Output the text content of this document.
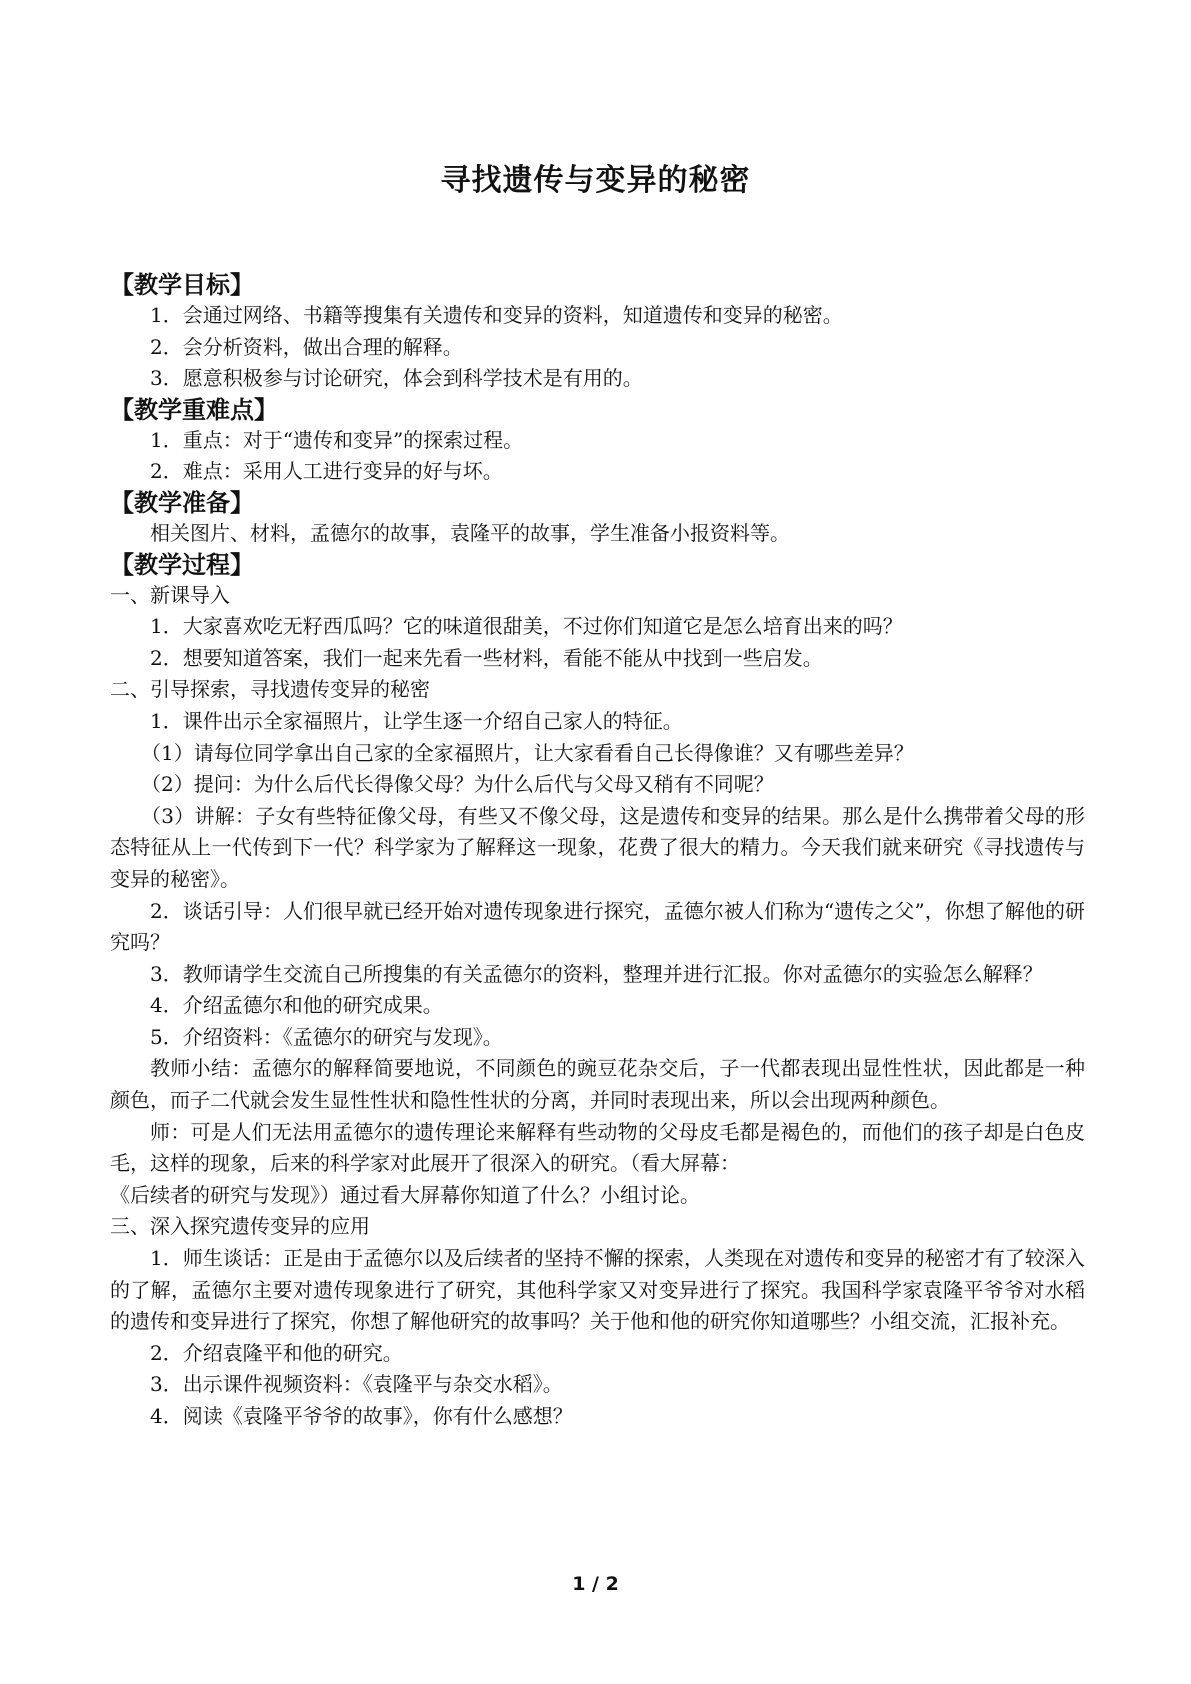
寻找遗传与变异的秘密
【教学目标】

1．会通过网络、书籍等搜集有关遗传和变异的资料，知道遗传和变异的秘密。

2．会分析资料，做出合理的解释。

3．愿意积极参与讨论研究，体会到科学技术是有用的。

【教学重难点】

1．重点：对于“遗传和变异”的探索过程。

2．难点：采用人工进行变异的好与坏。

【教学准备】

相关图片、材料，孟德尔的故事，袁隆平的故事，学生准备小报资料等。

【教学过程】

一、新课导入

1．大家喜欢吃无籽西瓜吗？它的味道很甜美，不过你们知道它是怎么培育出来的吗？

2．想要知道答案，我们一起来先看一些材料，看能不能从中找到一些启发。

二、引导探索，寻找遗传变异的秘密

1．课件出示全家福照片，让学生逐一介绍自己家人的特征。

（1）请每位同学拿出自己家的全家福照片，让大家看看自己长得像谁？又有哪些差异？

（2）提问：为什么后代长得像父母？为什么后代与父母又稍有不同呢？

（3）讲解：子女有些特征像父母，有些又不像父母，这是遗传和变异的结果。那么是什么携带着父母的形态特征从上一代传到下一代？科学家为了解释这一现象，花费了很大的精力。今天我们就来研究《寻找遗传与变异的秘密》。

2．谈话引导：人们很早就已经开始对遗传现象进行探究，孟德尔被人们称为“遗传之父”，你想了解他的研究吗？

3．教师请学生交流自己所搜集的有关孟德尔的资料，整理并进行汇报。你对孟德尔的实验怎么解释？

4．介绍孟德尔和他的研究成果。

5．介绍资料：《孟德尔的研究与发现》。

教师小结：孟德尔的解释简要地说，不同颜色的豌豆花杂交后，子一代都表现出显性性状，因此都是一种颜色，而子二代就会发生显性性状和隐性性状的分离，并同时表现出来，所以会出现两种颜色。

师：可是人们无法用孟德尔的遗传理论来解释有些动物的父母皮毛都是褐色的，而他们的孩子却是白色皮毛，这样的现象，后来的科学家对此展开了很深入的研究。（看大屏幕：

《后续者的研究与发现》）通过看大屏幕你知道了什么？小组讨论。

三、深入探究遗传变异的应用

1．师生谈话：正是由于孟德尔以及后续者的坚持不懈的探索，人类现在对遗传和变异的秘密才有了较深入的了解，孟德尔主要对遗传现象进行了研究，其他科学家又对变异进行了探究。我国科学家袁隆平爷爷对水稻的遗传和变异进行了探究，你想了解他研究的故事吗？关于他和他的研究你知道哪些？小组交流，汇报补充。

2．介绍袁隆平和他的研究。

3．出示课件视频资料：《袁隆平与杂交水稻》。

4．阅读《袁隆平爷爷的故事》，你有什么感想？

1 / 2
